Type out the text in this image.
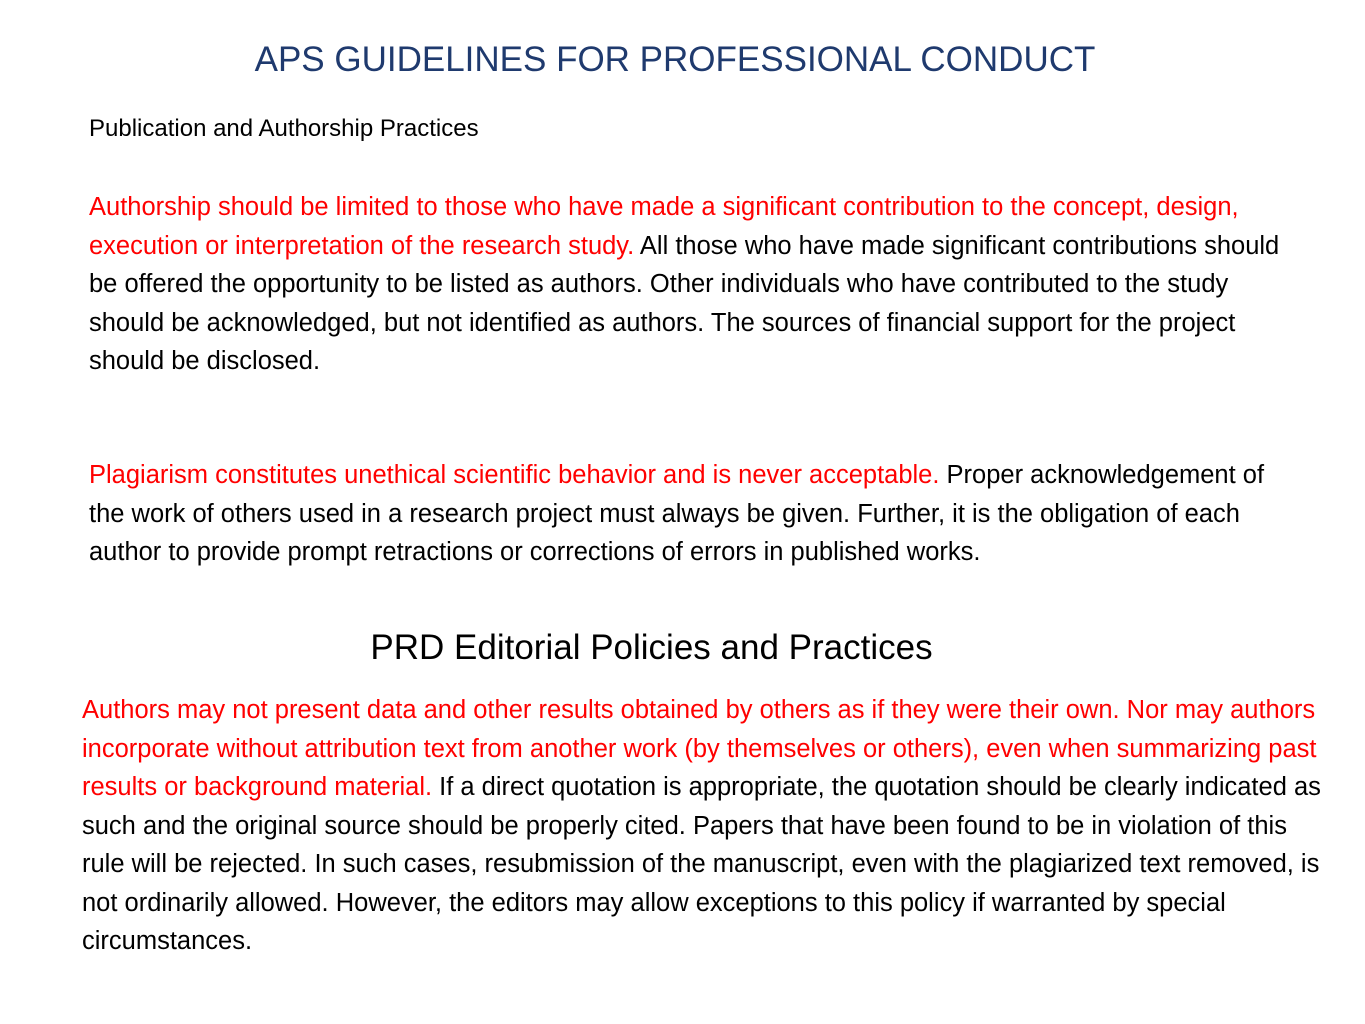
APS GUIDELINES FOR PROFESSIONAL CONDUCT
Publication and Authorship Practices

Authorship should be limited to those who have made a significant contribution to the concept, design, execution or interpretation of the research study. All those who have made significant contributions should be offered the opportunity to be listed as authors. Other individuals who have contributed to the study should be acknowledged, but not identified as authors. The sources of financial support for the project should be disclosed.

Plagiarism constitutes unethical scientific behavior and is never acceptable. Proper acknowledgement of the work of others used in a research project must always be given. Further, it is the obligation of each author to provide prompt retractions or corrections of errors in published works.

PRD Editorial Policies and Practices

Authors may not present data and other results obtained by others as if they were their own. Nor may authors incorporate without attribution text from another work (by themselves or others), even when summarizing past results or background material. If a direct quotation is appropriate, the quotation should be clearly indicated as such and the original source should be properly cited. Papers that have been found to be in violation of this rule will be rejected. In such cases, resubmission of the manuscript, even with the plagiarized text removed, is not ordinarily allowed. However, the editors may allow exceptions to this policy if warranted by special circumstances.
